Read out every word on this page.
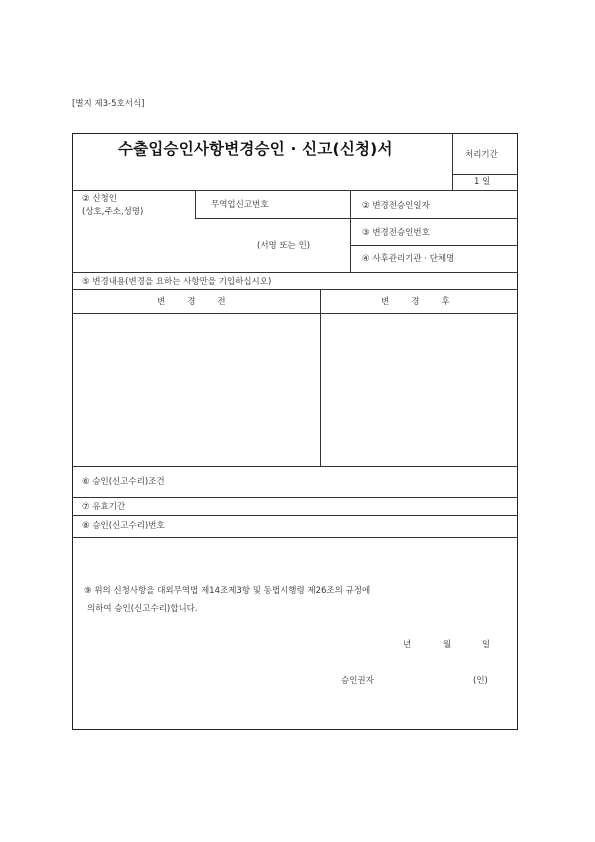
[별지 제3-5호서식]
수출입승인사항변경승인 · 신고(신청)서	처리기간
1 일
② 신청인
(상호,주소,성명)
무역업신고번호
(서명 또는 인)
② 변경전승인일자
③ 변경전승인번호
④ 사후관리기관 · 단체명
⑤ 변경내용(변경을 요하는 사항만을 기입하십시오)
변경전	변경후
⑥ 승인(신고수리)조건
⑦ 유효기간
⑧ 승인(신고수리)번호
⑨ 위의 신청사항을 대외무역법 제14조제3항 및 동법시행령 제26조의 규정에
의하여 승인(신고수리)합니다.
년	월	일
승인권자	(인)
